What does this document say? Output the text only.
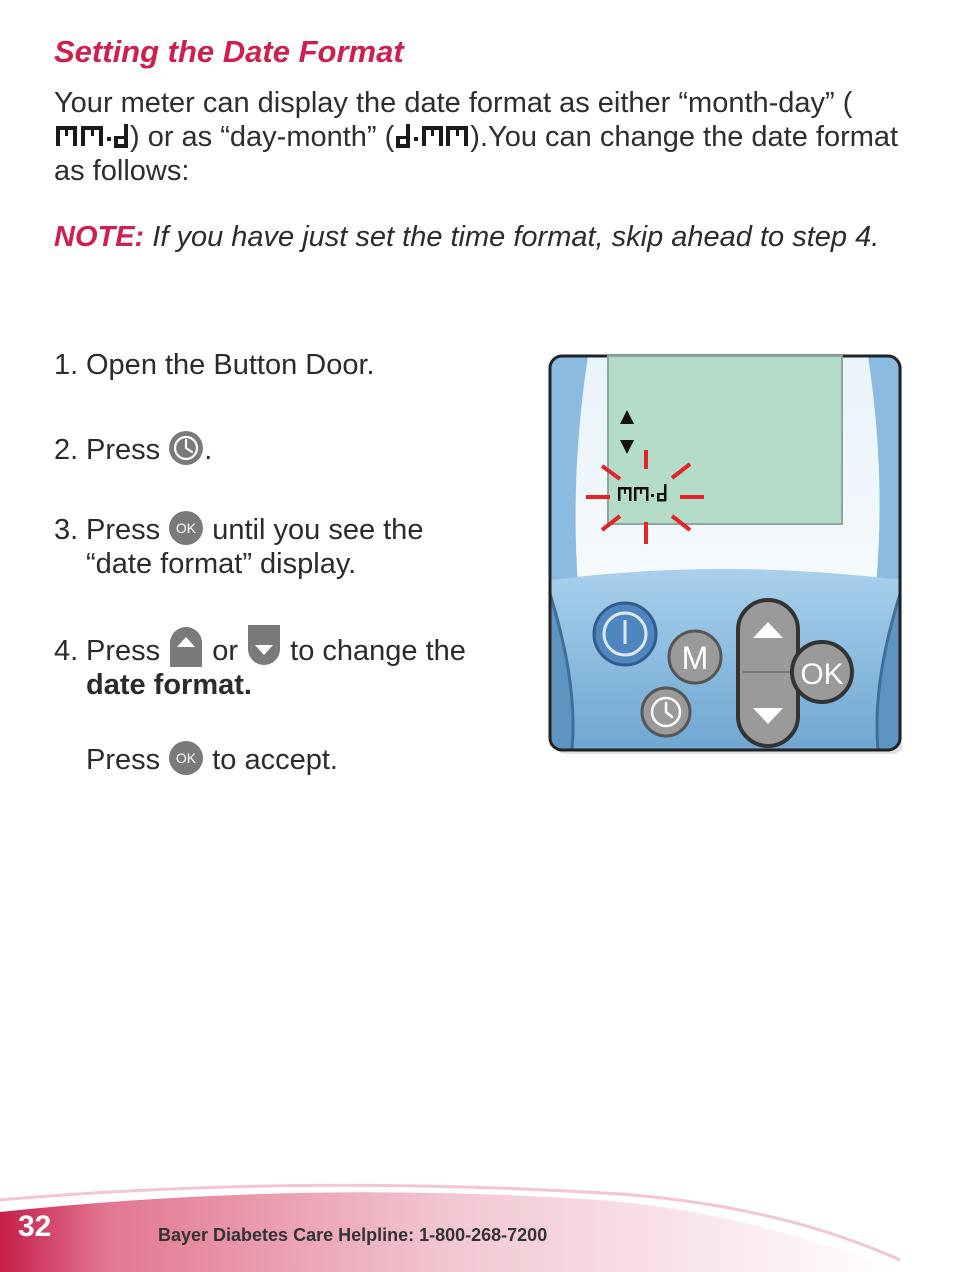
Setting the Date Format
Your meter can display the date format as either “month-day” () or as “day-month” (	).You can change the date format as follows:
NOTE: If you have just set the time format, skip ahead to step 4.
1. Open the Button Door.
2. Press .
3. Press OK until you see the
“date format” display.
4. Press  or  to change the
date format.
Press OK to accept.
M	OK
32	Bayer Diabetes Care Helpline: 1-800-268-7200
